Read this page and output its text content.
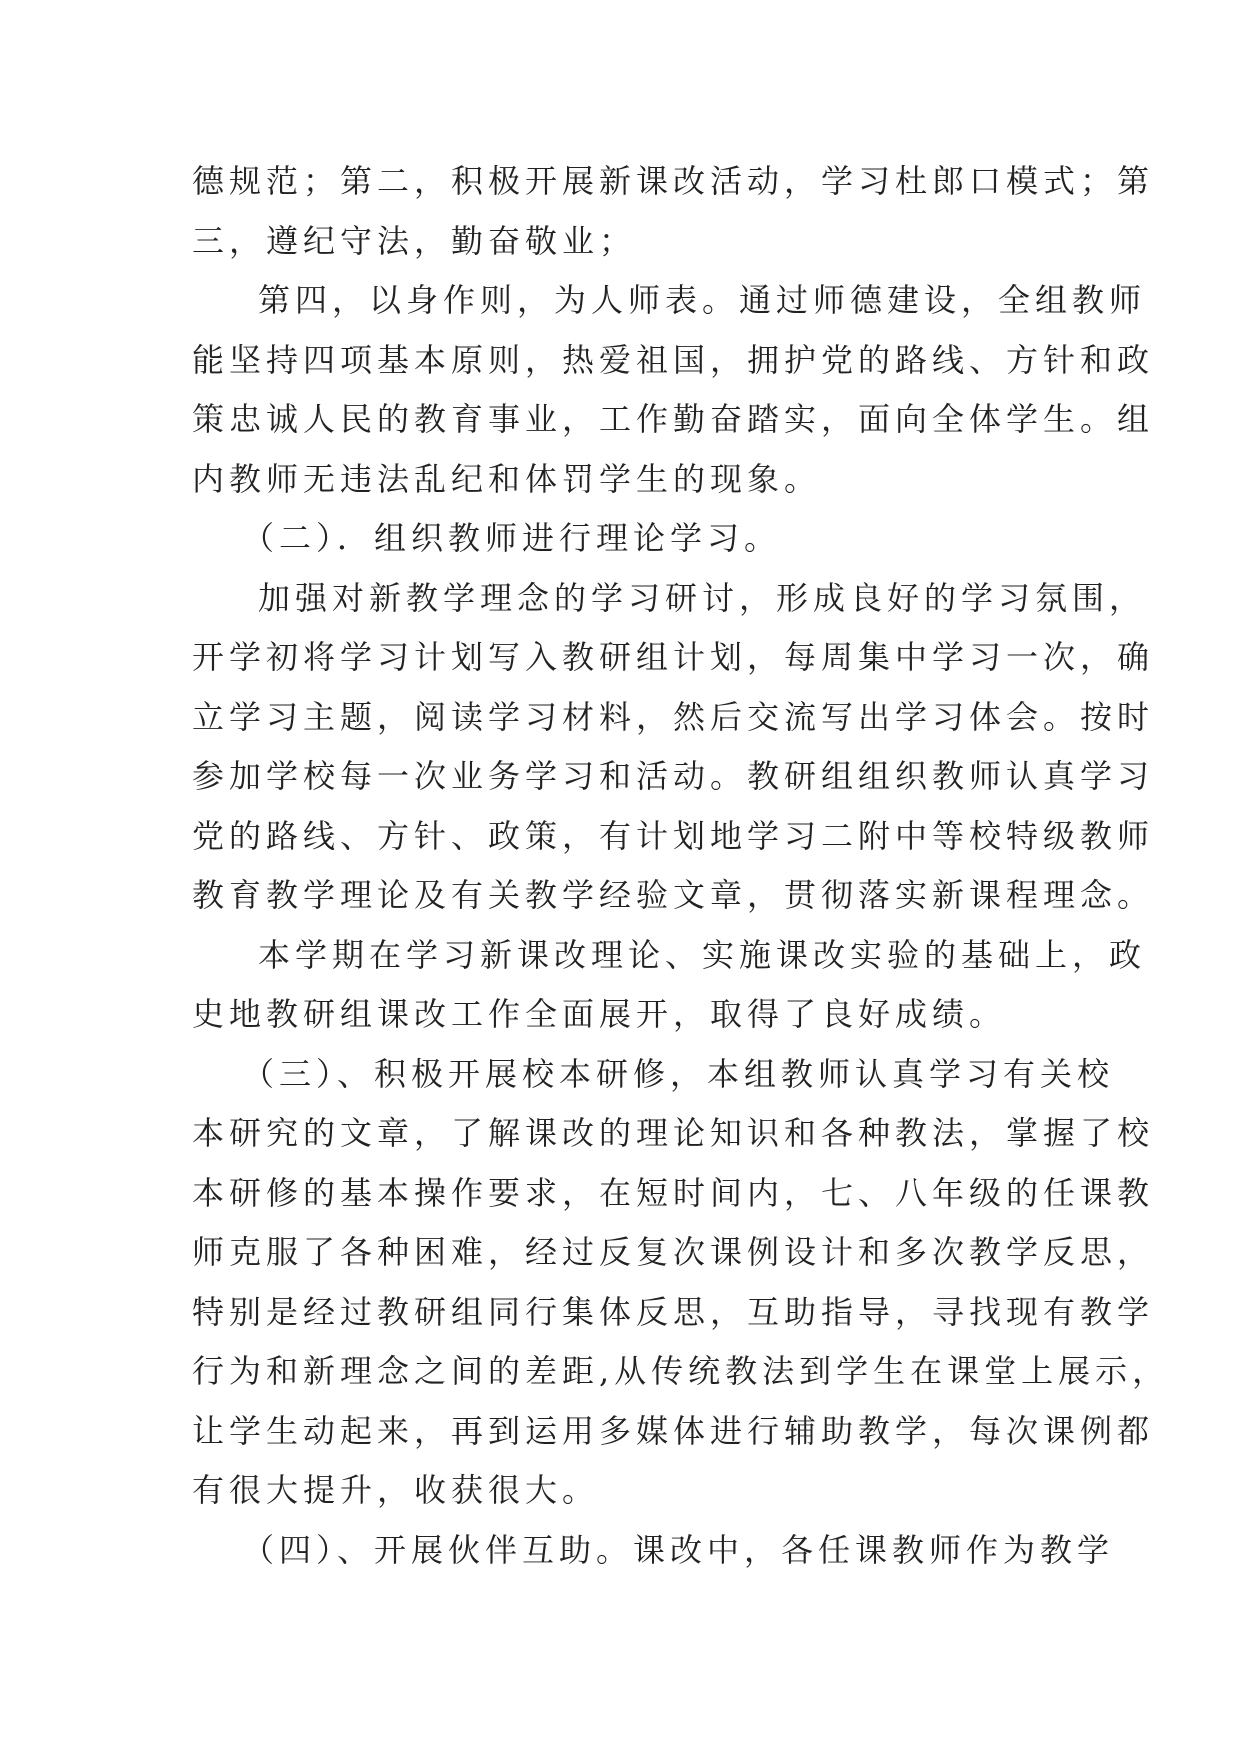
德规范；第二，积极开展新课改活动，学习杜郎口模式；第
三，遵纪守法，勤奋敬业；
第四，以身作则，为人师表。通过师德建设，全组教师
能坚持四项基本原则，热爱祖国，拥护党的路线、方针和政
策忠诚人民的教育事业，工作勤奋踏实，面向全体学生。组
内教师无违法乱纪和体罚学生的现象。
（二）．组织教师进行理论学习。
加强对新教学理念的学习研讨，形成良好的学习氛围，
开学初将学习计划写入教研组计划，每周集中学习一次，确
立学习主题，阅读学习材料，然后交流写出学习体会。按时
参加学校每一次业务学习和活动。教研组组织教师认真学习
党的路线、方针、政策，有计划地学习二附中等校特级教师
教育教学理论及有关教学经验文章，贯彻落实新课程理念。
本学期在学习新课改理论、实施课改实验的基础上，政
史地教研组课改工作全面展开，取得了良好成绩。
（三）、积极开展校本研修，本组教师认真学习有关校
本研究的文章，了解课改的理论知识和各种教法，掌握了校
本研修的基本操作要求，在短时间内，七、八年级的任课教
师克服了各种困难，经过反复次课例设计和多次教学反思，
特别是经过教研组同行集体反思，互助指导，寻找现有教学
行为和新理念之间的差距,从传统教法到学生在课堂上展示，
让学生动起来，再到运用多媒体进行辅助教学，每次课例都
有很大提升，收获很大。
（四）、开展伙伴互助。课改中，各任课教师作为教学
